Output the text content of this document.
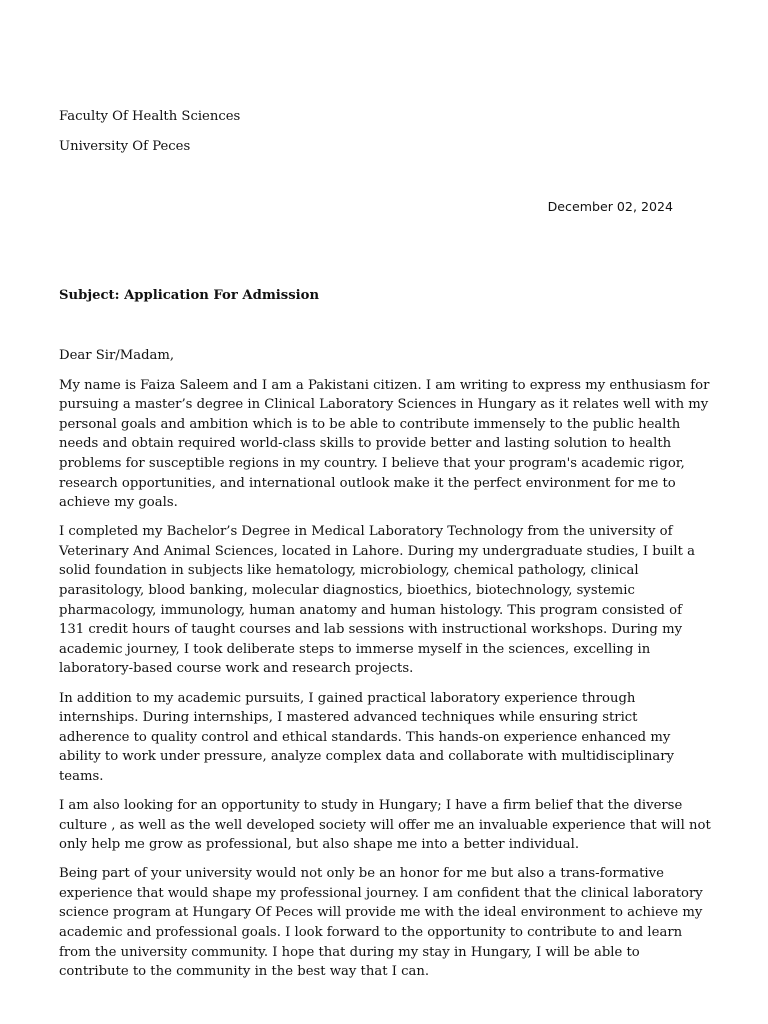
Faculty Of Health Sciences

University Of Peces

December 02, 2024

Subject: Application For Admission

Dear Sir/Madam,

My name is Faiza Saleem and I am a Pakistani citizen. I am writing to express my enthusiasm for pursuing a master’s degree in Clinical Laboratory Sciences in Hungary as it relates well with my personal goals and ambition which is to be able to contribute immensely to the public health needs and obtain required world-class skills to provide better and lasting solution to health problems for susceptible regions in my country. I believe that your program's academic rigor, research opportunities, and international outlook make it the perfect environment for me to achieve my goals.

I completed my Bachelor’s Degree in Medical Laboratory Technology from the university of Veterinary And Animal Sciences, located in Lahore. During my undergraduate studies, I built a solid foundation in subjects like hematology, microbiology, chemical pathology, clinical parasitology, blood banking, molecular diagnostics, bioethics, biotechnology, systemic pharmacology, immunology, human anatomy and human histology. This program consisted of 131 credit hours of taught courses and lab sessions with instructional workshops. During my academic journey, I took deliberate steps to immerse myself in the sciences, excelling in laboratory-based course work and research projects.

In addition to my academic pursuits, I gained practical laboratory experience through internships. During internships, I mastered advanced techniques while ensuring strict adherence to quality control and ethical standards. This hands-on experience enhanced my ability to work under pressure, analyze complex data and collaborate with multidisciplinary teams.

I am also looking for an opportunity to study in Hungary; I have a firm belief that the diverse culture , as well as the well developed society will offer me an invaluable experience that will not only help me grow as professional, but also shape me into a better individual.

Being part of your university would not only be an honor for me but also a trans-formative experience that would shape my professional journey. I am confident that the clinical laboratory science program at Hungary Of Peces will provide me with the ideal environment to achieve my academic and professional goals. I look forward to the opportunity to contribute to and learn from the university community. I hope that during my stay in Hungary, I will be able to contribute to the community in the best way that I can.
